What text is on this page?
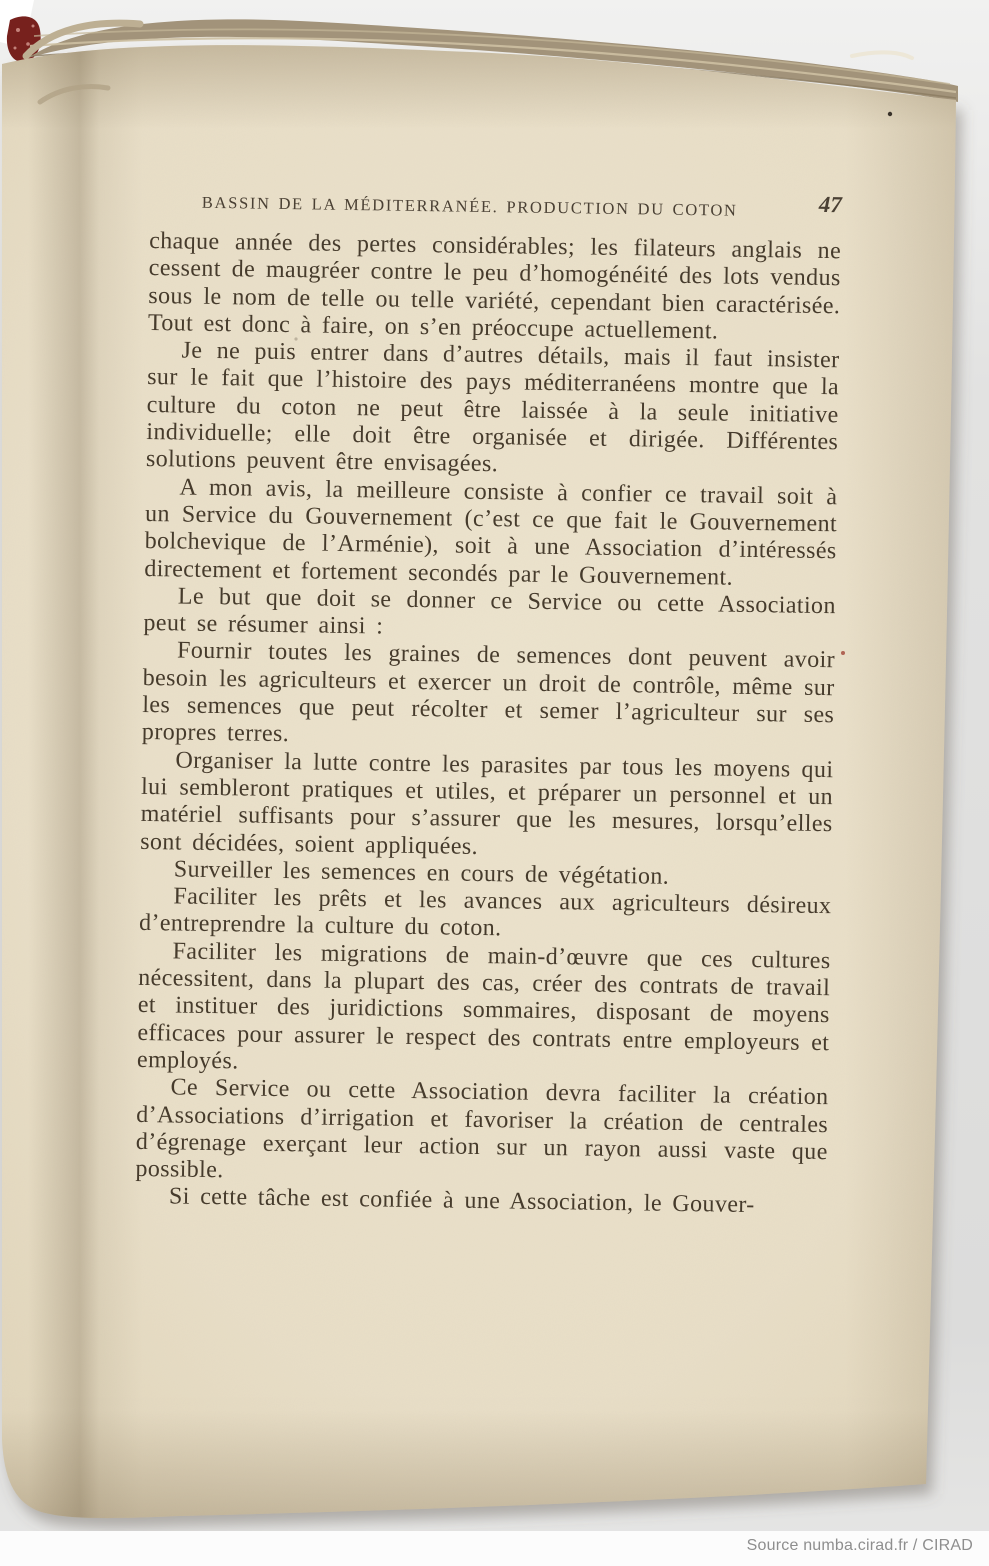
BASSIN DE LA MÉDITERRANÉE. PRODUCTION DU COTON	47

chaque année des pertes considérables; les filateurs anglais ne cessent de maugréer contre le peu d’homogénéité des lots vendus sous le nom de telle ou telle variété, cependant bien caractérisée. Tout est donc à faire, on s’en préoccupe actuellement.

Je ne puis entrer dans d’autres détails, mais il faut insister sur le fait que l’histoire des pays méditerranéens montre que la culture du coton ne peut être laissée à la seule initiative individuelle; elle doit être organisée et dirigée. Différentes solutions peuvent être envisagées.

A mon avis, la meilleure consiste à confier ce travail soit à un Service du Gouvernement (c’est ce que fait le Gouvernement bolchevique de l’Arménie), soit à une Association d’intéressés directement et fortement secondés par le Gouvernement.

Le but que doit se donner ce Service ou cette Association peut se résumer ainsi :

Fournir toutes les graines de semences dont peuvent avoir besoin les agriculteurs et exercer un droit de contrôle, même sur les semences que peut récolter et semer l’agriculteur sur ses propres terres.

Organiser la lutte contre les parasites par tous les moyens qui lui sembleront pratiques et utiles, et préparer un personnel et un matériel suffisants pour s’assurer que les mesures, lorsqu’elles sont décidées, soient appliquées.

Surveiller les semences en cours de végétation.

Faciliter les prêts et les avances aux agriculteurs désireux d’entreprendre la culture du coton.

Faciliter les migrations de main-d’œuvre que ces cultures nécessitent, dans la plupart des cas, créer des contrats de travail et instituer des juridictions sommaires, disposant de moyens efficaces pour assurer le respect des contrats entre employeurs et employés.

Ce Service ou cette Association devra faciliter la création d’Associations d’irrigation et favoriser la création de centrales d’égrenage exerçant leur action sur un rayon aussi vaste que possible.

Si cette tâche est confiée à une Association, le Gouver-

Source numba.cirad.fr / CIRAD
